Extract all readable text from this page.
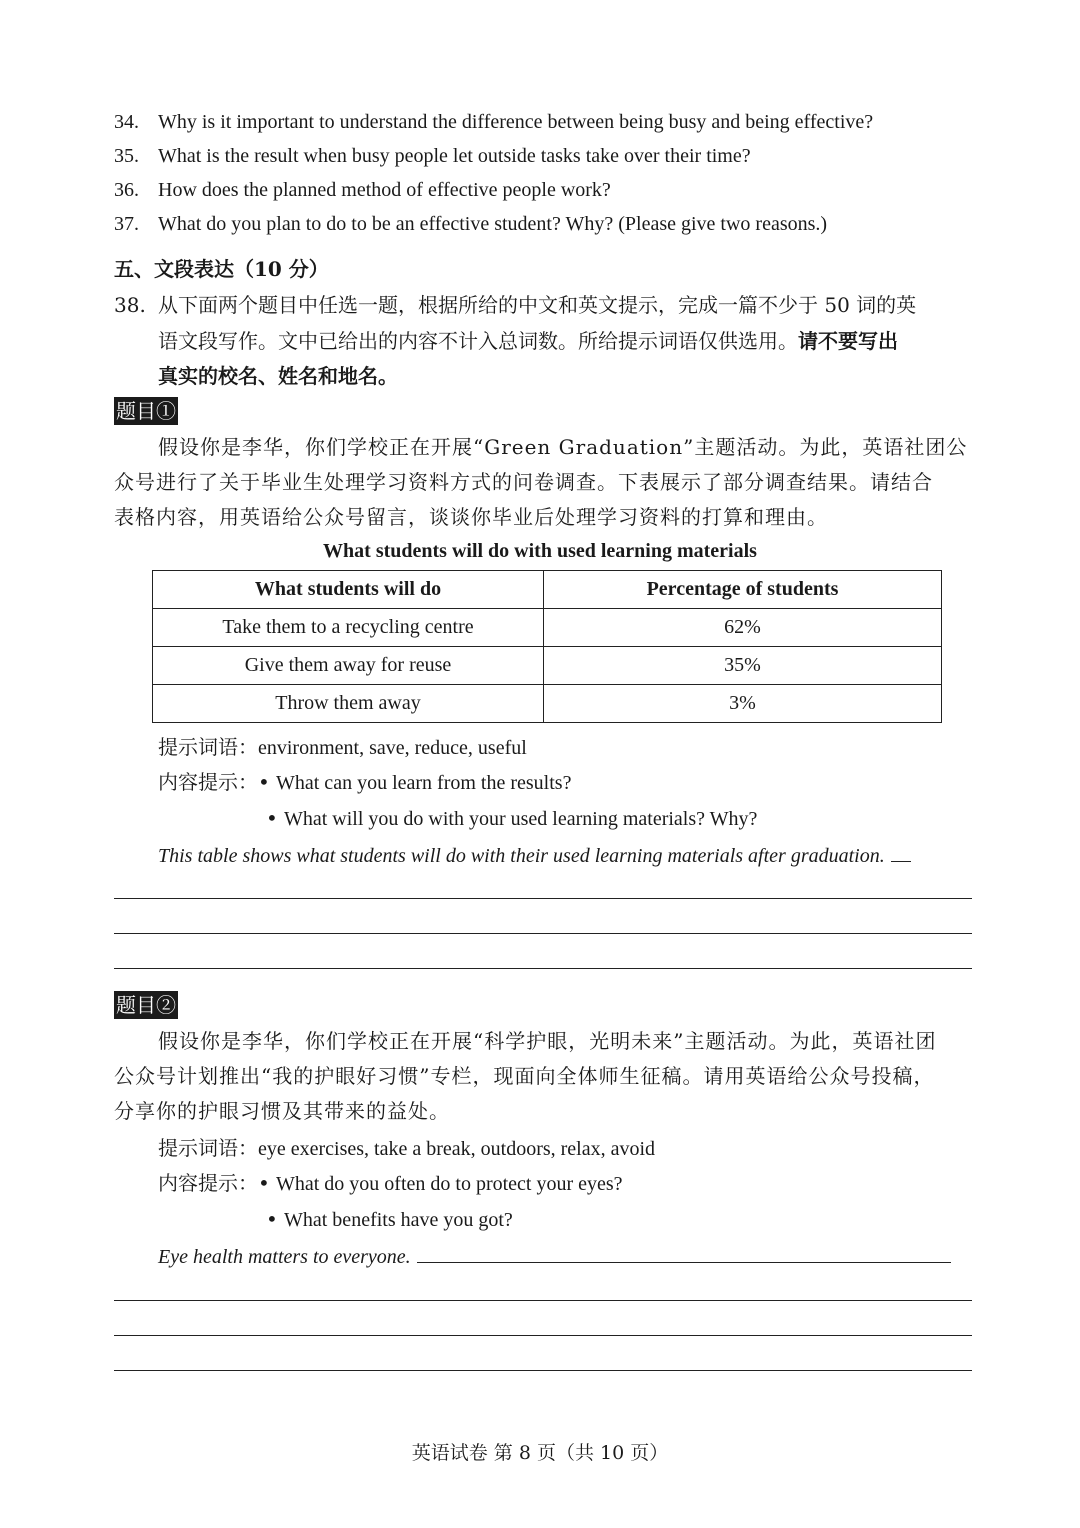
34. Why is it important to understand the difference between being busy and being effective?
35. What is the result when busy people let outside tasks take over their time?
36. How does the planned method of effective people work?
37. What do you plan to do to be an effective student? Why? (Please give two reasons.)
五、文段表达（10 分）
38. 从下面两个题目中任选一题，根据所给的中文和英文提示，完成一篇不少于 50 词的英
语文段写作。文中已给出的内容不计入总词数。所给提示词语仅供选用。请不要写出
真实的校名、姓名和地名。
题目①
假设你是李华，你们学校正在开展“Green Graduation”主题活动。为此，英语社团公
众号进行了关于毕业生处理学习资料方式的问卷调查。下表展示了部分调查结果。请结合
表格内容，用英语给公众号留言，谈谈你毕业后处理学习资料的打算和理由。
What students will do with used learning materials
What students will do	Percentage of students
Take them to a recycling centre	62%
Give them away for reuse	35%
Throw them away	3%
提示词语：environment, save, reduce, useful
内容提示：• What can you learn from the results?
• What will you do with your used learning materials? Why?
This table shows what students will do with their used learning materials after graduation.
题目②
假设你是李华，你们学校正在开展“科学护眼，光明未来”主题活动。为此，英语社团
公众号计划推出“我的护眼好习惯”专栏，现面向全体师生征稿。请用英语给公众号投稿，
分享你的护眼习惯及其带来的益处。
提示词语：eye exercises, take a break, outdoors, relax, avoid
内容提示：• What do you often do to protect your eyes?
• What benefits have you got?
Eye health matters to everyone.
英语试卷 第 8 页（共 10 页）
